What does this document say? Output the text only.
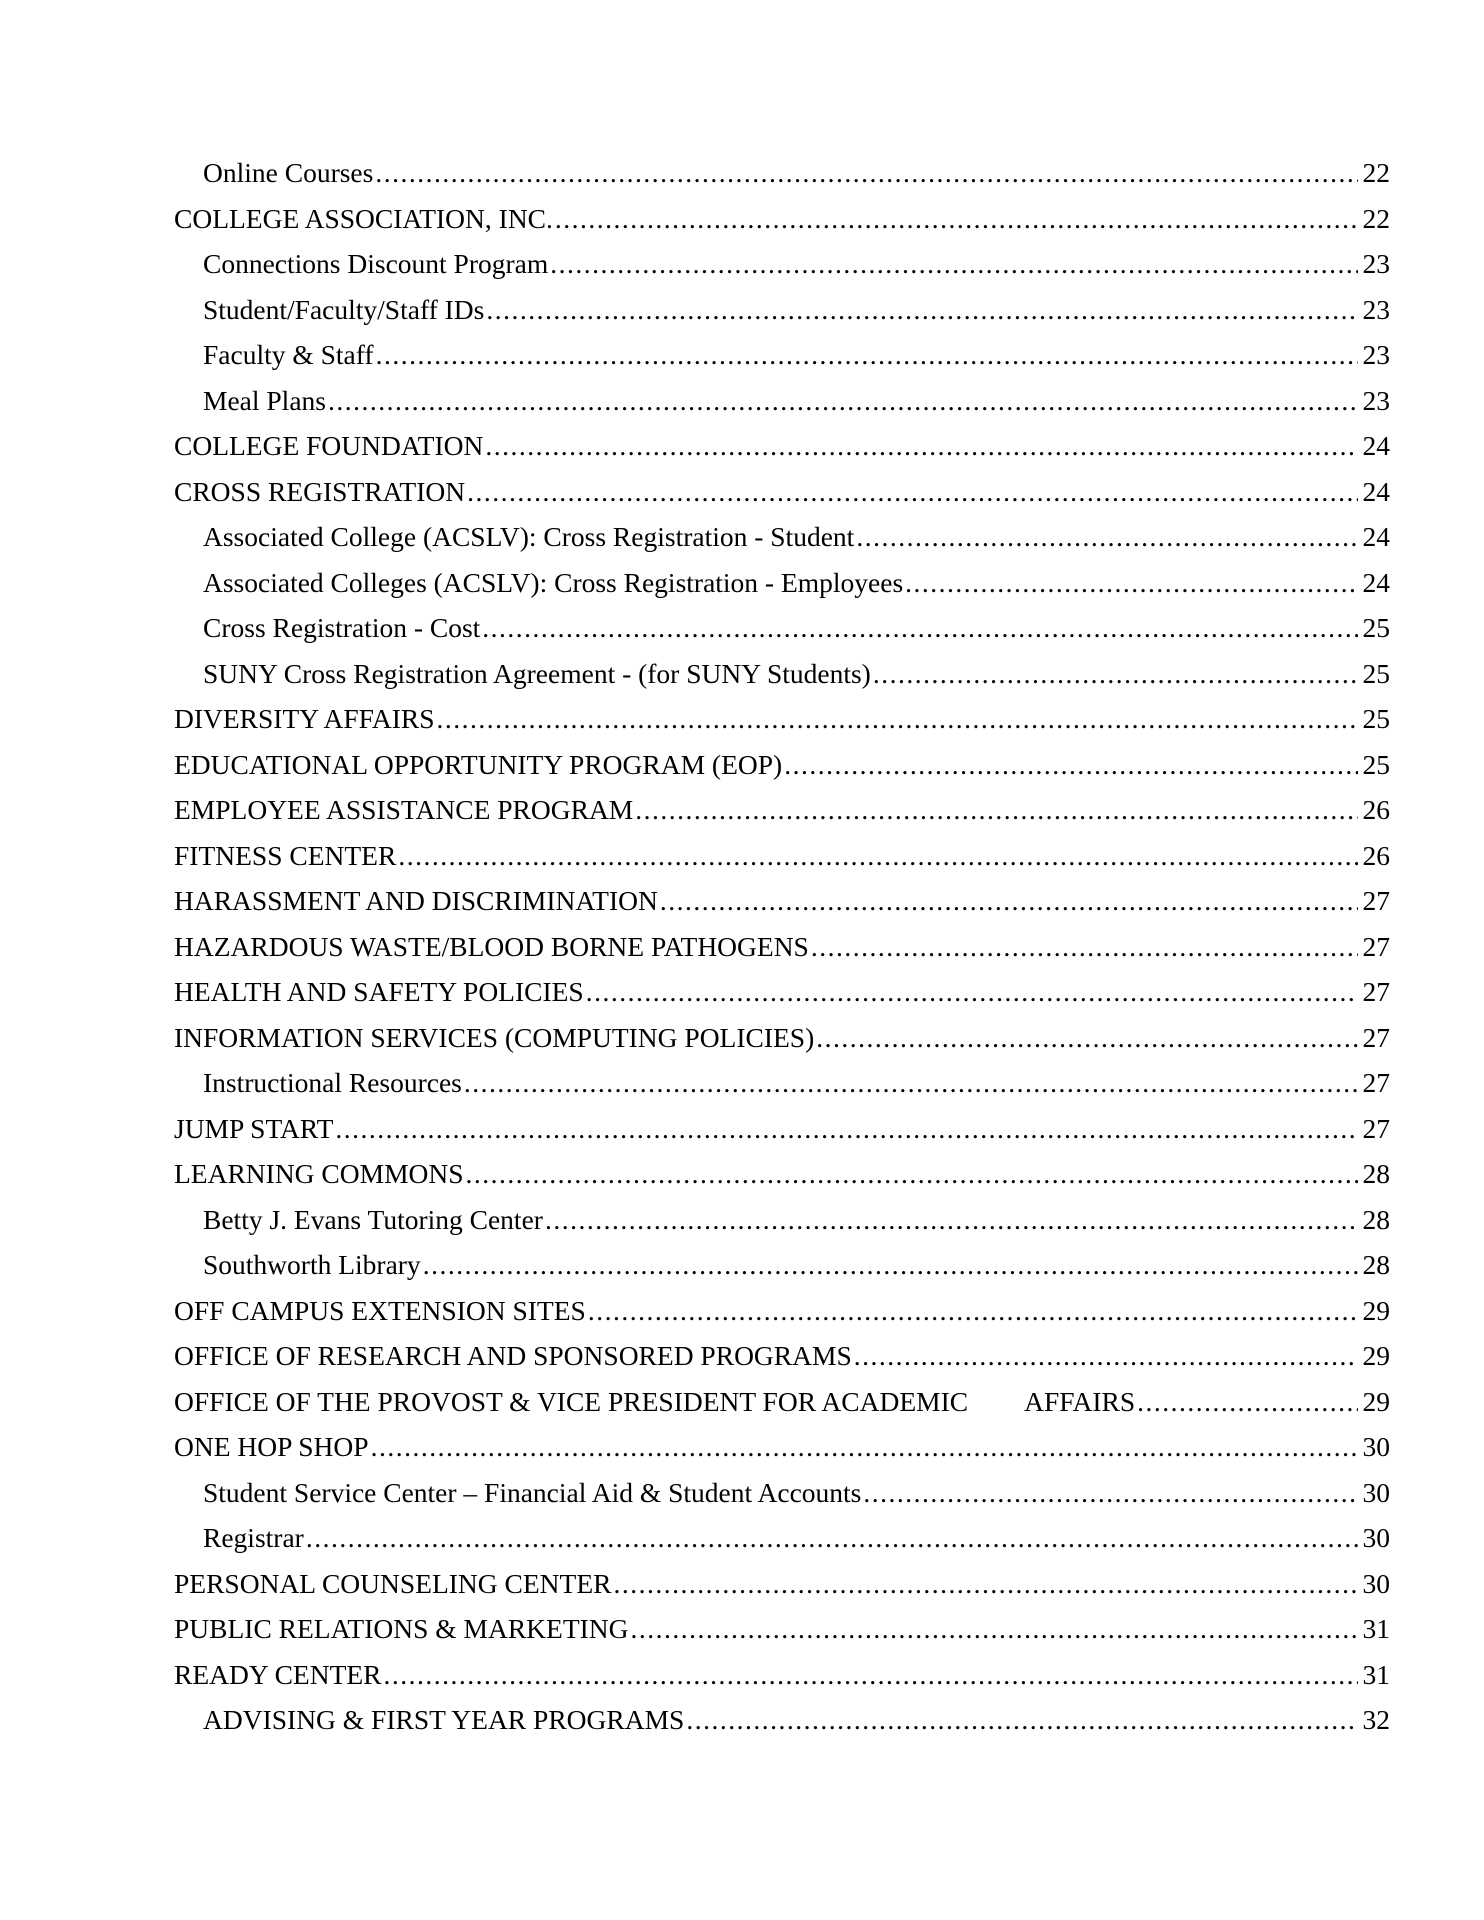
Online Courses .....	22
COLLEGE ASSOCIATION, INC. .....	22
Connections Discount Program .....	23
Student/Faculty/Staff IDs .....	23
Faculty & Staff .....	23
Meal Plans .....	23
COLLEGE FOUNDATION .....	24
CROSS REGISTRATION .....	24
Associated College (ACSLV): Cross Registration - Student .....	24
Associated Colleges (ACSLV): Cross Registration - Employees .....	24
Cross Registration - Cost .....	25
SUNY Cross Registration Agreement - (for SUNY Students) .....	25
DIVERSITY AFFAIRS .....	25
EDUCATIONAL OPPORTUNITY PROGRAM (EOP) .....	25
EMPLOYEE ASSISTANCE PROGRAM .....	26
FITNESS CENTER .....	26
HARASSMENT AND DISCRIMINATION .....	27
HAZARDOUS WASTE/BLOOD BORNE PATHOGENS .....	27
HEALTH AND SAFETY POLICIES .....	27
INFORMATION SERVICES (COMPUTING POLICIES) .....	27
Instructional Resources .....	27
JUMP START .....	27
LEARNING COMMONS .....	28
Betty J. Evans Tutoring Center .....	28
Southworth Library .....	28
OFF CAMPUS EXTENSION SITES .....	29
OFFICE OF RESEARCH AND SPONSORED PROGRAMS .....	29
OFFICE OF THE PROVOST & VICE PRESIDENT FOR ACADEMIC AFFAIRS .....	29
ONE HOP SHOP .....	30
Student Service Center – Financial Aid & Student Accounts .....	30
Registrar .....	30
PERSONAL COUNSELING CENTER .....	30
PUBLIC RELATIONS & MARKETING .....	31
READY CENTER .....	31
ADVISING & FIRST YEAR PROGRAMS .....	32
